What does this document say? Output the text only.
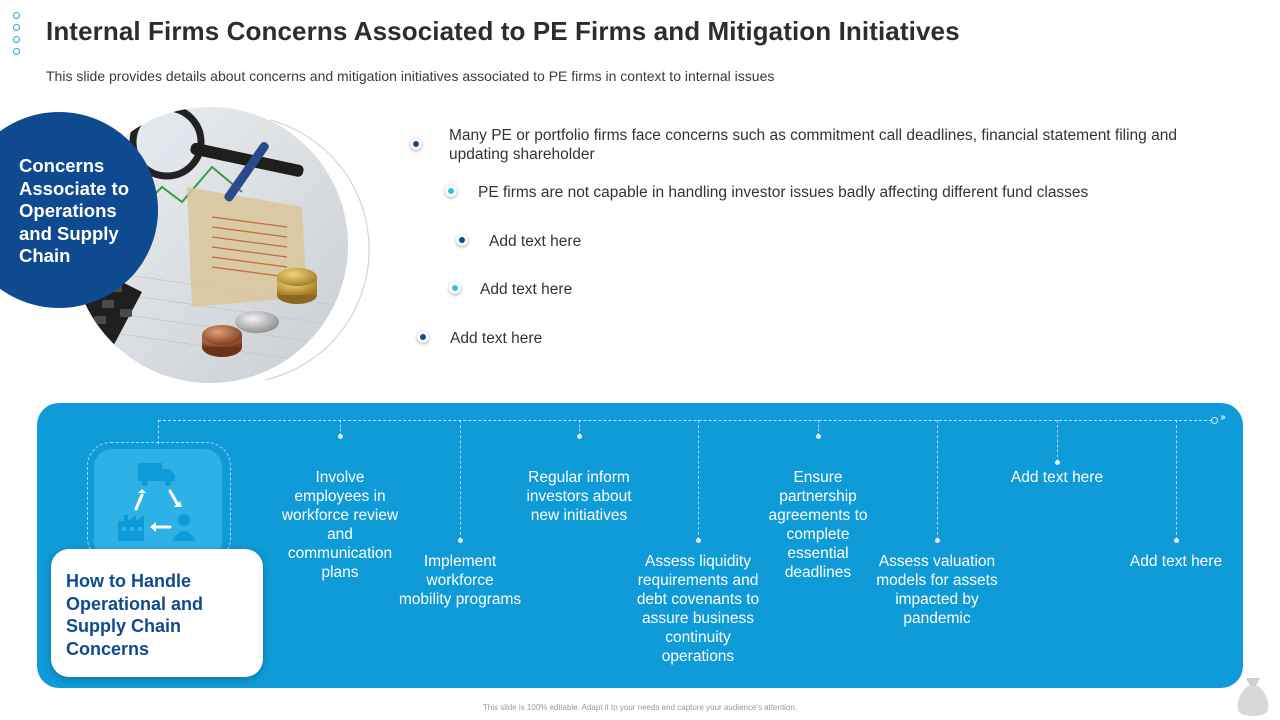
Internal Firms Concerns Associated to PE Firms and Mitigation Initiatives
This slide provides details about concerns and mitigation initiatives associated to PE firms in context to internal issues
Concerns Associate to Operations and Supply Chain
Many PE or portfolio firms face concerns such as commitment call deadlines, financial statement filing and updating shareholder
PE firms are not capable in handling investor issues badly affecting different fund classes
Add text here
Add text here
Add text here
›››
Involve employees in workforce review and communication plans
Implement workforce mobility programs
Regular inform investors about new initiatives
Assess liquidity requirements and debt covenants to assure business continuity operations
Ensure partnership agreements to complete essential deadlines
Assess valuation models for assets impacted by pandemic
Add text here
Add text here
How to Handle Operational and Supply Chain Concerns
This slide is 100% editable. Adapt it to your needs and capture your audience's attention.
